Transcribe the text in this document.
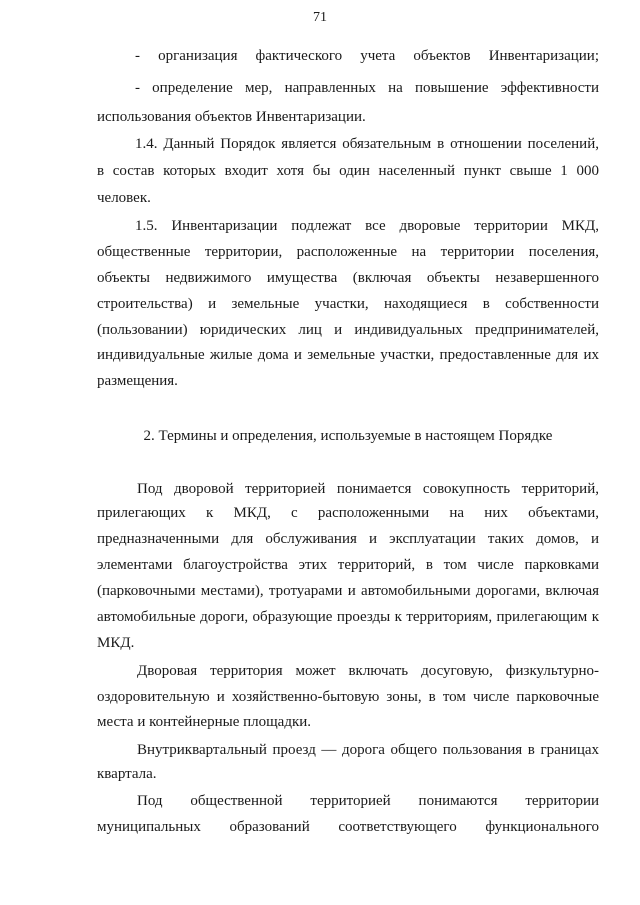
71
- организация фактического учета объектов Инвентаризации;
- определение мер, направленных на повышение эффективности
использования объектов Инвентаризации.
1.4. Данный Порядок является обязательным в отношении поселений,
в состав которых входит хотя бы один населенный пункт свыше 1 000
человек.
1.5. Инвентаризации подлежат все дворовые территории МКД,
общественные территории, расположенные на территории поселения,
объекты недвижимого имущества (включая объекты незавершенного
строительства) и земельные участки, находящиеся в собственности
(пользовании) юридических лиц и индивидуальных предпринимателей,
индивидуальные жилые дома и земельные участки, предоставленные для их
размещения.
2. Термины и определения, используемые в настоящем Порядке
Под дворовой территорией понимается совокупность территорий,
прилегающих к МКД, с расположенными на них объектами,
предназначенными для обслуживания и эксплуатации таких домов, и
элементами благоустройства этих территорий, в том числе парковками
(парковочными местами), тротуарами и автомобильными дорогами, включая
автомобильные дороги, образующие проезды к территориям, прилегающим к
МКД.
Дворовая территория может включать досуговую, физкультурно-
оздоровительную и хозяйственно-бытовую зоны, в том числе парковочные
места и контейнерные площадки.
Внутриквартальный проезд — дорога общего пользования в границах
квартала.
Под общественной территорией понимаются территории
муниципальных образований соответствующего функционального
